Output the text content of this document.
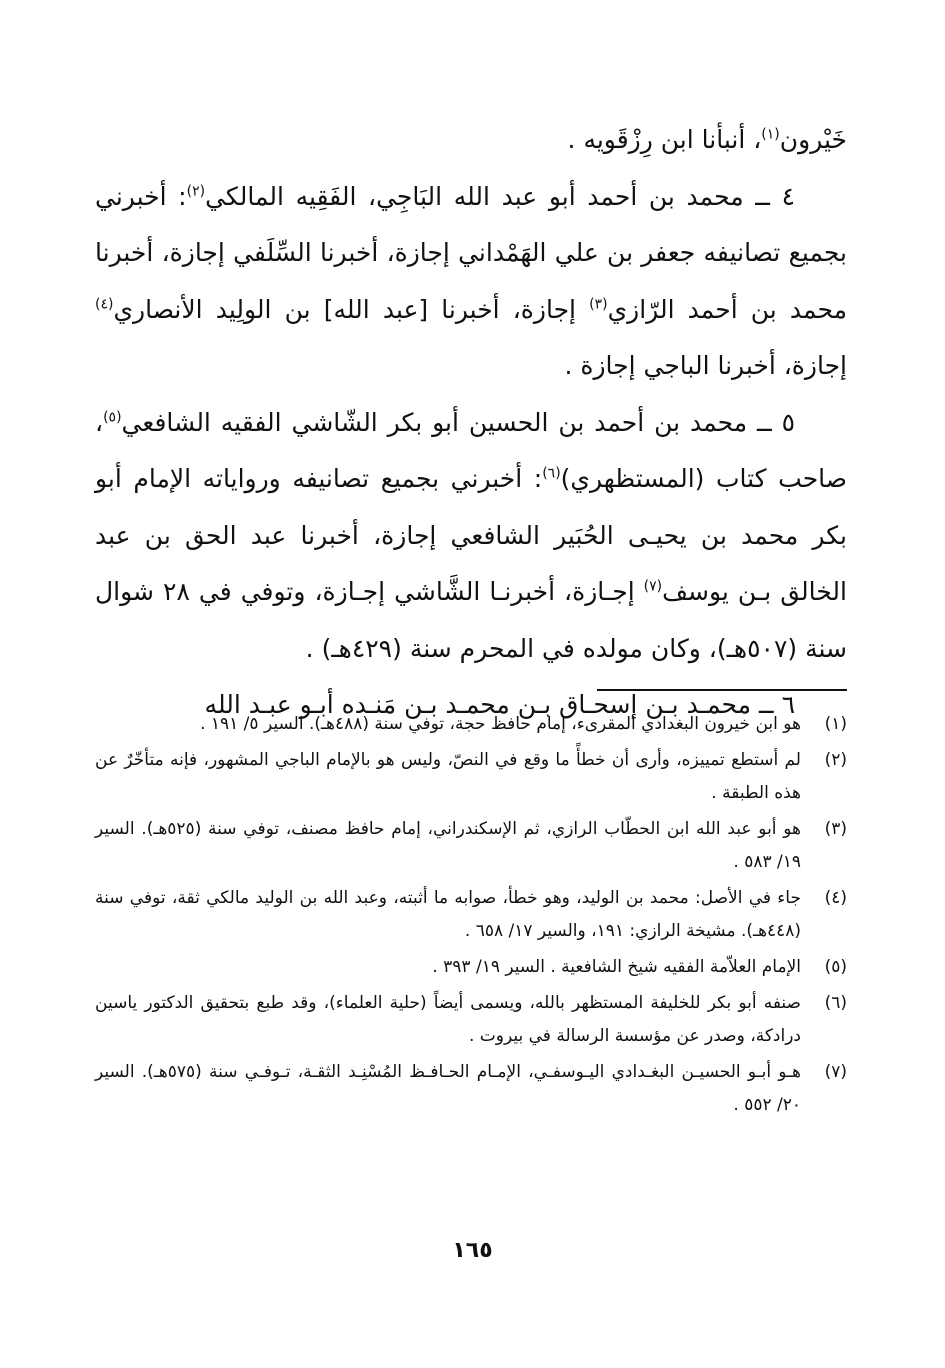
خَيْرون$^{(١)}$، أنبأنا ابن رِزْقَويه .

٤ ــ محمد بن أحمد أبو عبد الله البَاجِي، الفَقِيه المالكي$^{(٢)}$: أخبرني بجميع تصانيفه جعفر بن علي الهَمْداني إجازة، أخبرنا السِّلَفي إجازة، أخبرنا محمد بن أحمد الرّازي$^{(٣)}$ إجازة، أخبرنا [عبد الله] بن الولِيد الأنصاري$^{(٤)}$ إجازة، أخبرنا الباجي إجازة .

٥ ــ محمد بن أحمد بن الحسين أبو بكر الشّاشي الفقيه الشافعي$^{(٥)}$، صاحب كتاب (المستظهري)$^{(٦)}$: أخبرني بجميع تصانيفه ورواياته الإمام أبو بكر محمد بن يحيـى الحُبَير الشافعي إجازة، أخبرنا عبد الحق بن عبد الخالق بـن يوسف$^{(٧)}$ إجـازة، أخبرنـا الشَّاشي إجـازة، وتوفي في ٢٨ شوال سنة (٥٠٧هـ)، وكان مولده في المحرم سنة (٤٢٩هـ) .

٦ ــ محمـد بـن إسحـاق بـن محمـد بـن مَنـده أبـو عبـد الله

(١)
هو ابن خيرون البغدادي المقرىء، إمام حافظ حجة، توفي سنة (٤٨٨هـ). السير ٥/ ١٩١ .
(٢)
لم أستطع تمييزه، وأرى أن خطأً ما وقع في النصّ، وليس هو بالإمام الباجي المشهور، فإنه متأخّرٌ عن هذه الطبقة .
(٣)
هو أبو عبد الله ابن الحطّاب الرازي، ثم الإسكندراني، إمام حافظ مصنف، توفي سنة (٥٢٥هـ). السير ١٩/ ٥٨٣ .
(٤)
جاء في الأصل: محمد بن الوليد، وهو خطأ، صوابه ما أثبته، وعبد الله بن الوليد مالكي ثقة، توفي سنة (٤٤٨هـ). مشيخة الرازي: ١٩١، والسير ١٧/ ٦٥٨ .
(٥)
الإمام العلاّمة الفقيه شيخ الشافعية . السير ١٩/ ٣٩٣ .
(٦)
صنفه أبو بكر للخليفة المستظهر بالله، ويسمى أيضاً (حلية العلماء)، وقد طبع بتحقيق الدكتور ياسين درادكة، وصدر عن مؤسسة الرسالة في بيروت .
(٧)
هـو أبـو الحسيـن البغـدادي اليـوسفـي، الإمـام الحـافـظ المُسْنِـد الثقـة، تـوفـي سنة (٥٧٥هـ). السير ٢٠/ ٥٥٢ .
١٦٥
